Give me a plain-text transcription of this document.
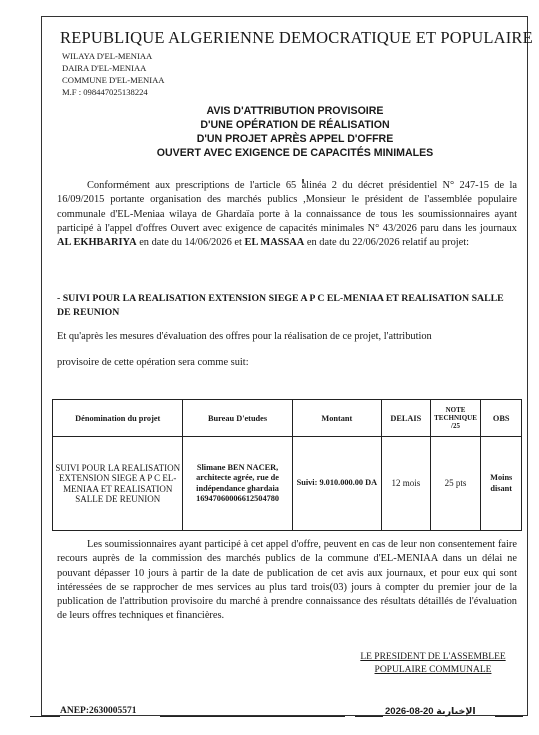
REPUBLIQUE ALGERIENNE DEMOCRATIQUE ET POPULAIRE
WILAYA D'EL-MENIAA
DAIRA D'EL-MENIAA
COMMUNE D'EL-MENIAA
M.F : 098447025138224
AVIS D'ATTRIBUTION PROVISOIRE
D'UNE OPÉRATION DE RÉALISATION
D'UN PROJET APRÈS APPEL D'OFFRE
OUVERT AVEC EXIGENCE DE CAPACITÉS MINIMALES
Conformément aux prescriptions de l'article 65 alinéa 2 du décret présidentiel N° 247-15 de la 16/09/2015 portante organisation des marchés publics ,Monsieur le président de l'assemblée populaire communale d'EL-Meniaa wilaya de Ghardaïa porte à la connaissance de tous les soumissionnaires ayant participé à l'appel d'offres Ouvert avec exigence de capacités minimales N° 43/2026 paru dans les journaux AL EKHBARIYA en date du 14/06/2026 et EL MASSAA en date du 22/06/2026 relatif au projet:
- SUIVI POUR LA REALISATION EXTENSION SIEGE A P C EL-MENIAA ET REALISATION SALLE DE REUNION
Et qu'après les mesures d'évaluation des offres pour la réalisation de ce projet, l'attribution
provisoire de cette opération sera comme suit:
Dénomination du projet	Bureau D'etudes	Montant	DELAIS	NOTE TECHNIQUE /25	OBS
SUIVI POUR LA REALISATION EXTENSION SIEGE A P C EL-MENIAA ET REALISATION SALLE DE REUNION	Slimane BEN NACER, architecte agrée, rue de indépendance ghardaia 16947060006612504780	Suivi: 9.010.000.00 DA	12 mois	25 pts	Moins disant
Les soumissionnaires ayant participé à cet appel d'offre, peuvent en cas de leur non consentement faire recours auprès de la commission des marchés publics de la commune d'EL-MENIAA dans un délai ne pouvant dépasser 10 jours à partir de la date de publication de cet avis aux journaux, et pour eux qui sont intéressées de se rapprocher de mes services au plus tard trois(03) jours à compter du premier jour de la publication de l'attribution provisoire du marché à prendre connaissance des résultats détaillés de l'évaluation de leurs offres techniques et financières.
LE PRESIDENT DE L'ASSEMBLEE
POPULAIRE COMMUNALE
ANEP:2630005571	2026-08-20 الإخبارية
